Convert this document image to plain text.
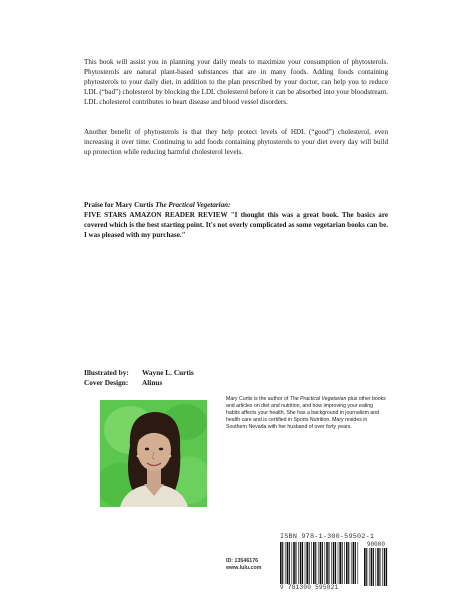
This book will assist you in planning your daily meals to maximize your consumption of phytosterols. Phytosterols are natural plant-based substances that are in many foods. Adding foods containing phytosterols to your daily diet, in addition to the plan prescribed by your doctor, can help you to reduce LDL (“bad”) cholesterol by blocking the LDL cholesterol before it can be absorbed into your bloodstream. LDL cholesterol contributes to heart disease and blood vessel disorders.

Another benefit of phytosterols is that they help protect levels of HDL (“good”) cholesterol, even increasing it over time. Continuing to add foods containing phytosterols to your diet every day will build up protection while reducing harmful cholesterol levels.

Praise for Mary Curtis The Practical Vegetarian:
FIVE STARS AMAZON READER REVIEW "I thought this was a great book. The basics are covered which is the best starting point. It's not overly complicated as some vegetarian books can be. I was pleased with my purchase."
Illustrated by:	Wayne L. Curtis
Cover Design:	Alinus

Mary Curtis is the author of The Practical Vegetarian plus other books and articles on diet and nutrition, and how improving your eating habits affects your health. She has a background in journalism and health care and is certified in Sports Nutrition. Mary resides in Southern Nevada with her husband of over forty years.

ID: 13546176
www.lulu.com
ISBN 978-1-300-59502-1
90000
9 781300 595021
